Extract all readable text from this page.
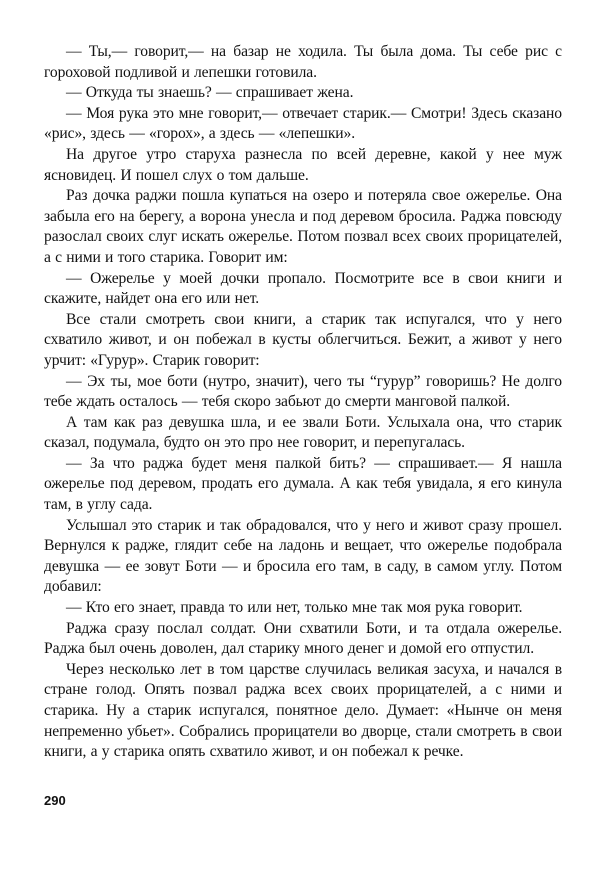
— Ты,— говорит,— на базар не ходила. Ты была дома. Ты себе рис с гороховой подливой и лепешки готовила.

— Откуда ты знаешь? — спрашивает жена.

— Моя рука это мне говорит,— отвечает старик.— Смотри! Здесь сказано «рис», здесь — «горох», а здесь — «лепешки».

На другое утро старуха разнесла по всей деревне, какой у нее муж ясновидец. И пошел слух о том дальше.

Раз дочка раджи пошла купаться на озеро и потеряла свое ожерелье. Она забыла его на берегу, а ворона унесла и под деревом бросила. Раджа повсюду разослал своих слуг искать ожерелье. Потом позвал всех своих прорицателей, а с ними и того старика. Говорит им:

— Ожерелье у моей дочки пропало. Посмотрите все в свои книги и скажите, найдет она его или нет.

Все стали смотреть свои книги, а старик так испугался, что у него схватило живот, и он побежал в кусты облегчиться. Бежит, а живот у него урчит: «Гурур». Старик говорит:

— Эх ты, мое боти (нутро, значит), чего ты “гурур” говоришь? Не долго тебе ждать осталось — тебя скоро забьют до смерти манговой палкой.

А там как раз девушка шла, и ее звали Боти. Услыхала она, что старик сказал, подумала, будто он это про нее говорит, и перепугалась.

— За что раджа будет меня палкой бить? — спрашивает.— Я нашла ожерелье под деревом, продать его думала. А как тебя увидала, я его кинула там, в углу сада.

Услышал это старик и так обрадовался, что у него и живот сразу прошел. Вернулся к радже, глядит себе на ладонь и вещает, что ожерелье подобрала девушка — ее зовут Боти — и бросила его там, в саду, в самом углу. Потом добавил:

— Кто его знает, правда то или нет, только мне так моя рука говорит.

Раджа сразу послал солдат. Они схватили Боти, и та отдала ожерелье. Раджа был очень доволен, дал старику много денег и домой его отпустил.

Через несколько лет в том царстве случилась великая засуха, и начался в стране голод. Опять позвал раджа всех своих прорицателей, а с ними и старика. Ну а старик испугался, понятное дело. Думает: «Нынче он меня непременно убьет». Собрались прорицатели во дворце, стали смотреть в свои книги, а у старика опять схватило живот, и он побежал к речке.

290
